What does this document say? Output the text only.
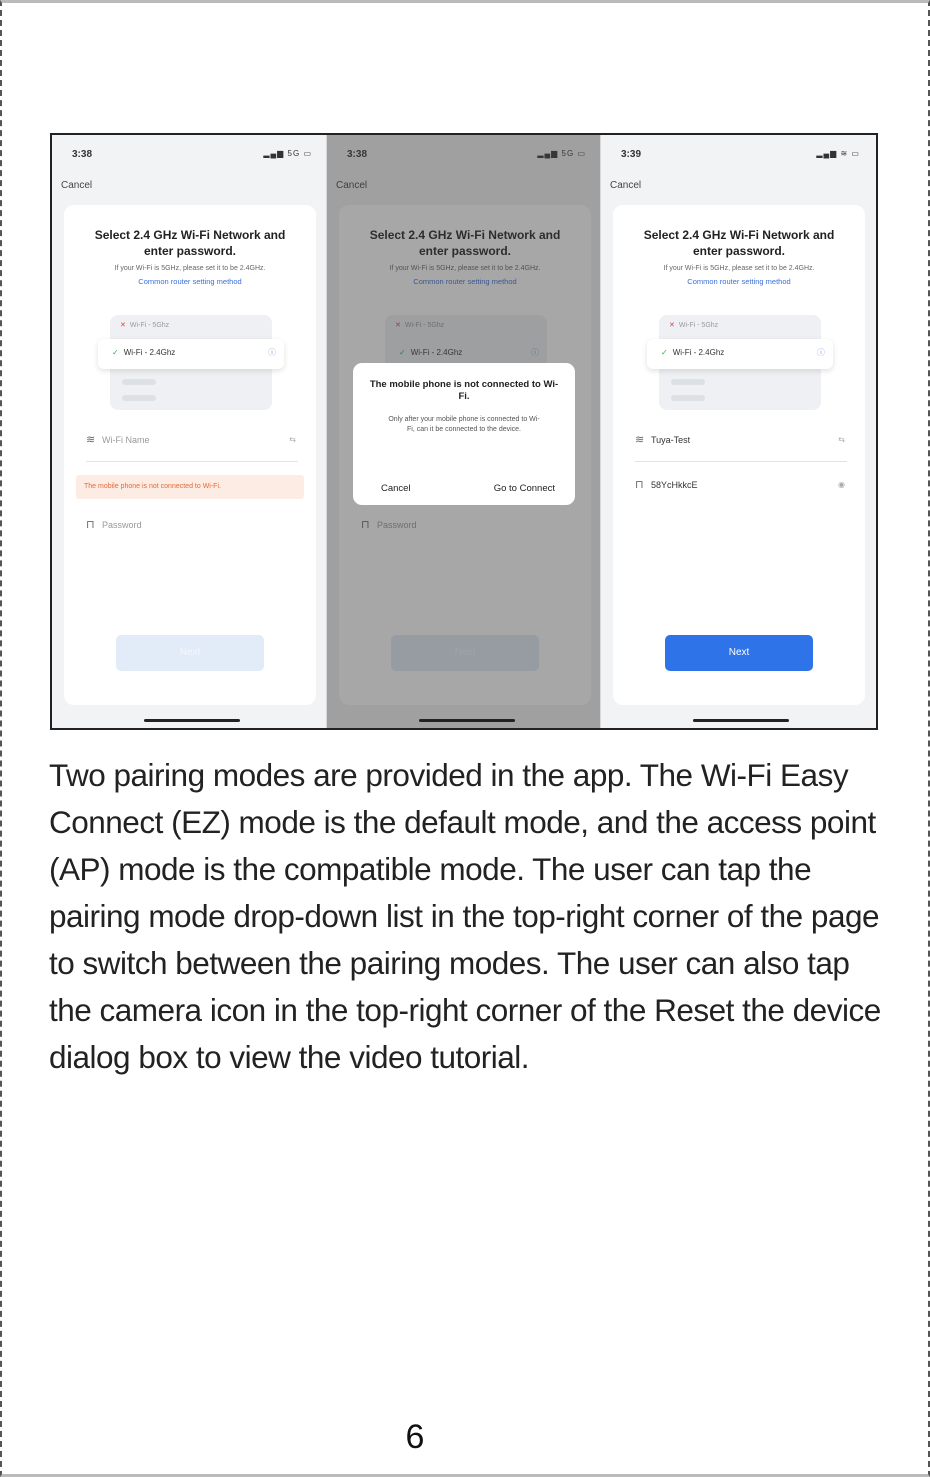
3:38	▂▄▆ 5G ▭
Cancel
Select 2.4 GHz Wi-Fi Network and enter password.
If your Wi-Fi is 5GHz, please set it to be 2.4GHz.
Common router setting method
✕ Wi-Fi - 5Ghz
✓ Wi-Fi - 2.4Ghz	ⓘ
≋ Wi-Fi Name	⇆
The mobile phone is not connected to Wi-Fi.
⊓ Password
Next
3:38	▂▄▆ 5G ▭
Cancel
Select 2.4 GHz Wi-Fi Network and enter password.
If your Wi-Fi is 5GHz, please set it to be 2.4GHz.
Common router setting method
✕ Wi-Fi - 5Ghz
✓ Wi-Fi - 2.4Ghz	ⓘ
⊓ Password
Next
The mobile phone is not connected to Wi-Fi.
Only after your mobile phone is connected to Wi-
Fi, can it be connected to the device.
Cancel	Go to Connect
3:39	▂▄▆ ≋ ▭
Cancel
Select 2.4 GHz Wi-Fi Network and enter password.
If your Wi-Fi is 5GHz, please set it to be 2.4GHz.
Common router setting method
✕ Wi-Fi - 5Ghz
✓ Wi-Fi - 2.4Ghz	ⓘ
≋ Tuya-Test	⇆
⊓ 58YcHkkcE	◉
Next

Two pairing modes are provided in the app. The Wi-Fi Easy Connect (EZ) mode is the default mode, and the access point (AP) mode is the compatible mode. The user can tap the pairing mode drop-down list in the top-right corner of the page to switch between the pairing modes. The user can also tap the camera icon in the top-right corner of the Reset the device dialog box to view the video tutorial.

6
